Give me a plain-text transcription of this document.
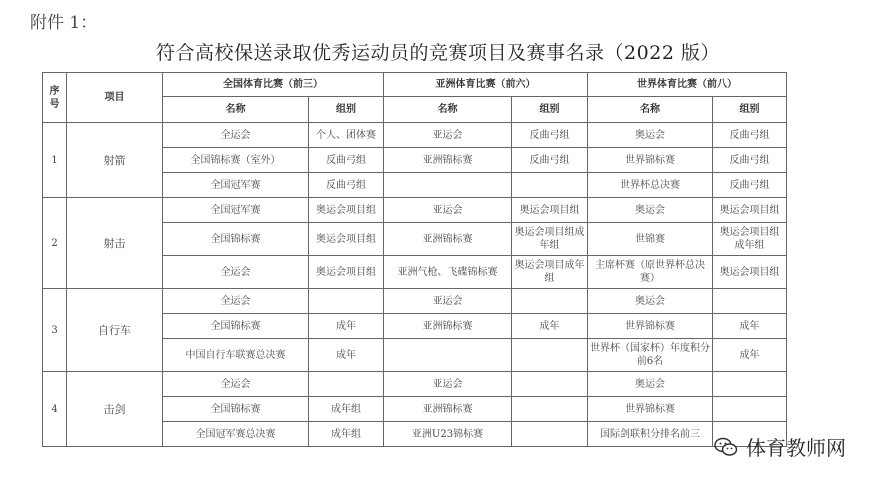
附件 1：
符合高校保送录取优秀运动员的竞赛项目及赛事名录（2022 版）
序号	项目	全国体育比赛（前三）		亚洲体育比赛（前六）		世界体育比赛（前八）	
		名称	组别	名称	组别	名称	组别
1	射箭	全运会	个人、团体赛	亚运会	反曲弓组	奥运会	反曲弓组
		全国锦标赛（室外）	反曲弓组	亚洲锦标赛	反曲弓组	世界锦标赛	反曲弓组
		全国冠军赛	反曲弓组			世界杯总决赛	反曲弓组
2	射击	全国冠军赛	奥运会项目组	亚运会	奥运会项目组	奥运会	奥运会项目组
		全国锦标赛	奥运会项目组	亚洲锦标赛	奥运会项目组成年组	世锦赛	奥运会项目组成年组
		全运会	奥运会项目组	亚洲气枪、飞碟锦标赛	奥运会项目成年组	主席杯赛（原世界杯总决赛）	奥运会项目组
3	自行车	全运会		亚运会		奥运会	
		全国锦标赛	成年	亚洲锦标赛	成年	世界锦标赛	成年
		中国自行车联赛总决赛	成年			世界杯（国家杯）年度积分前6名	成年
4	击剑	全运会		亚运会		奥运会	
		全国锦标赛	成年组	亚洲锦标赛		世界锦标赛	
		全国冠军赛总决赛	成年组	亚洲U23锦标赛		国际剑联积分排名前三	
体育教师网
